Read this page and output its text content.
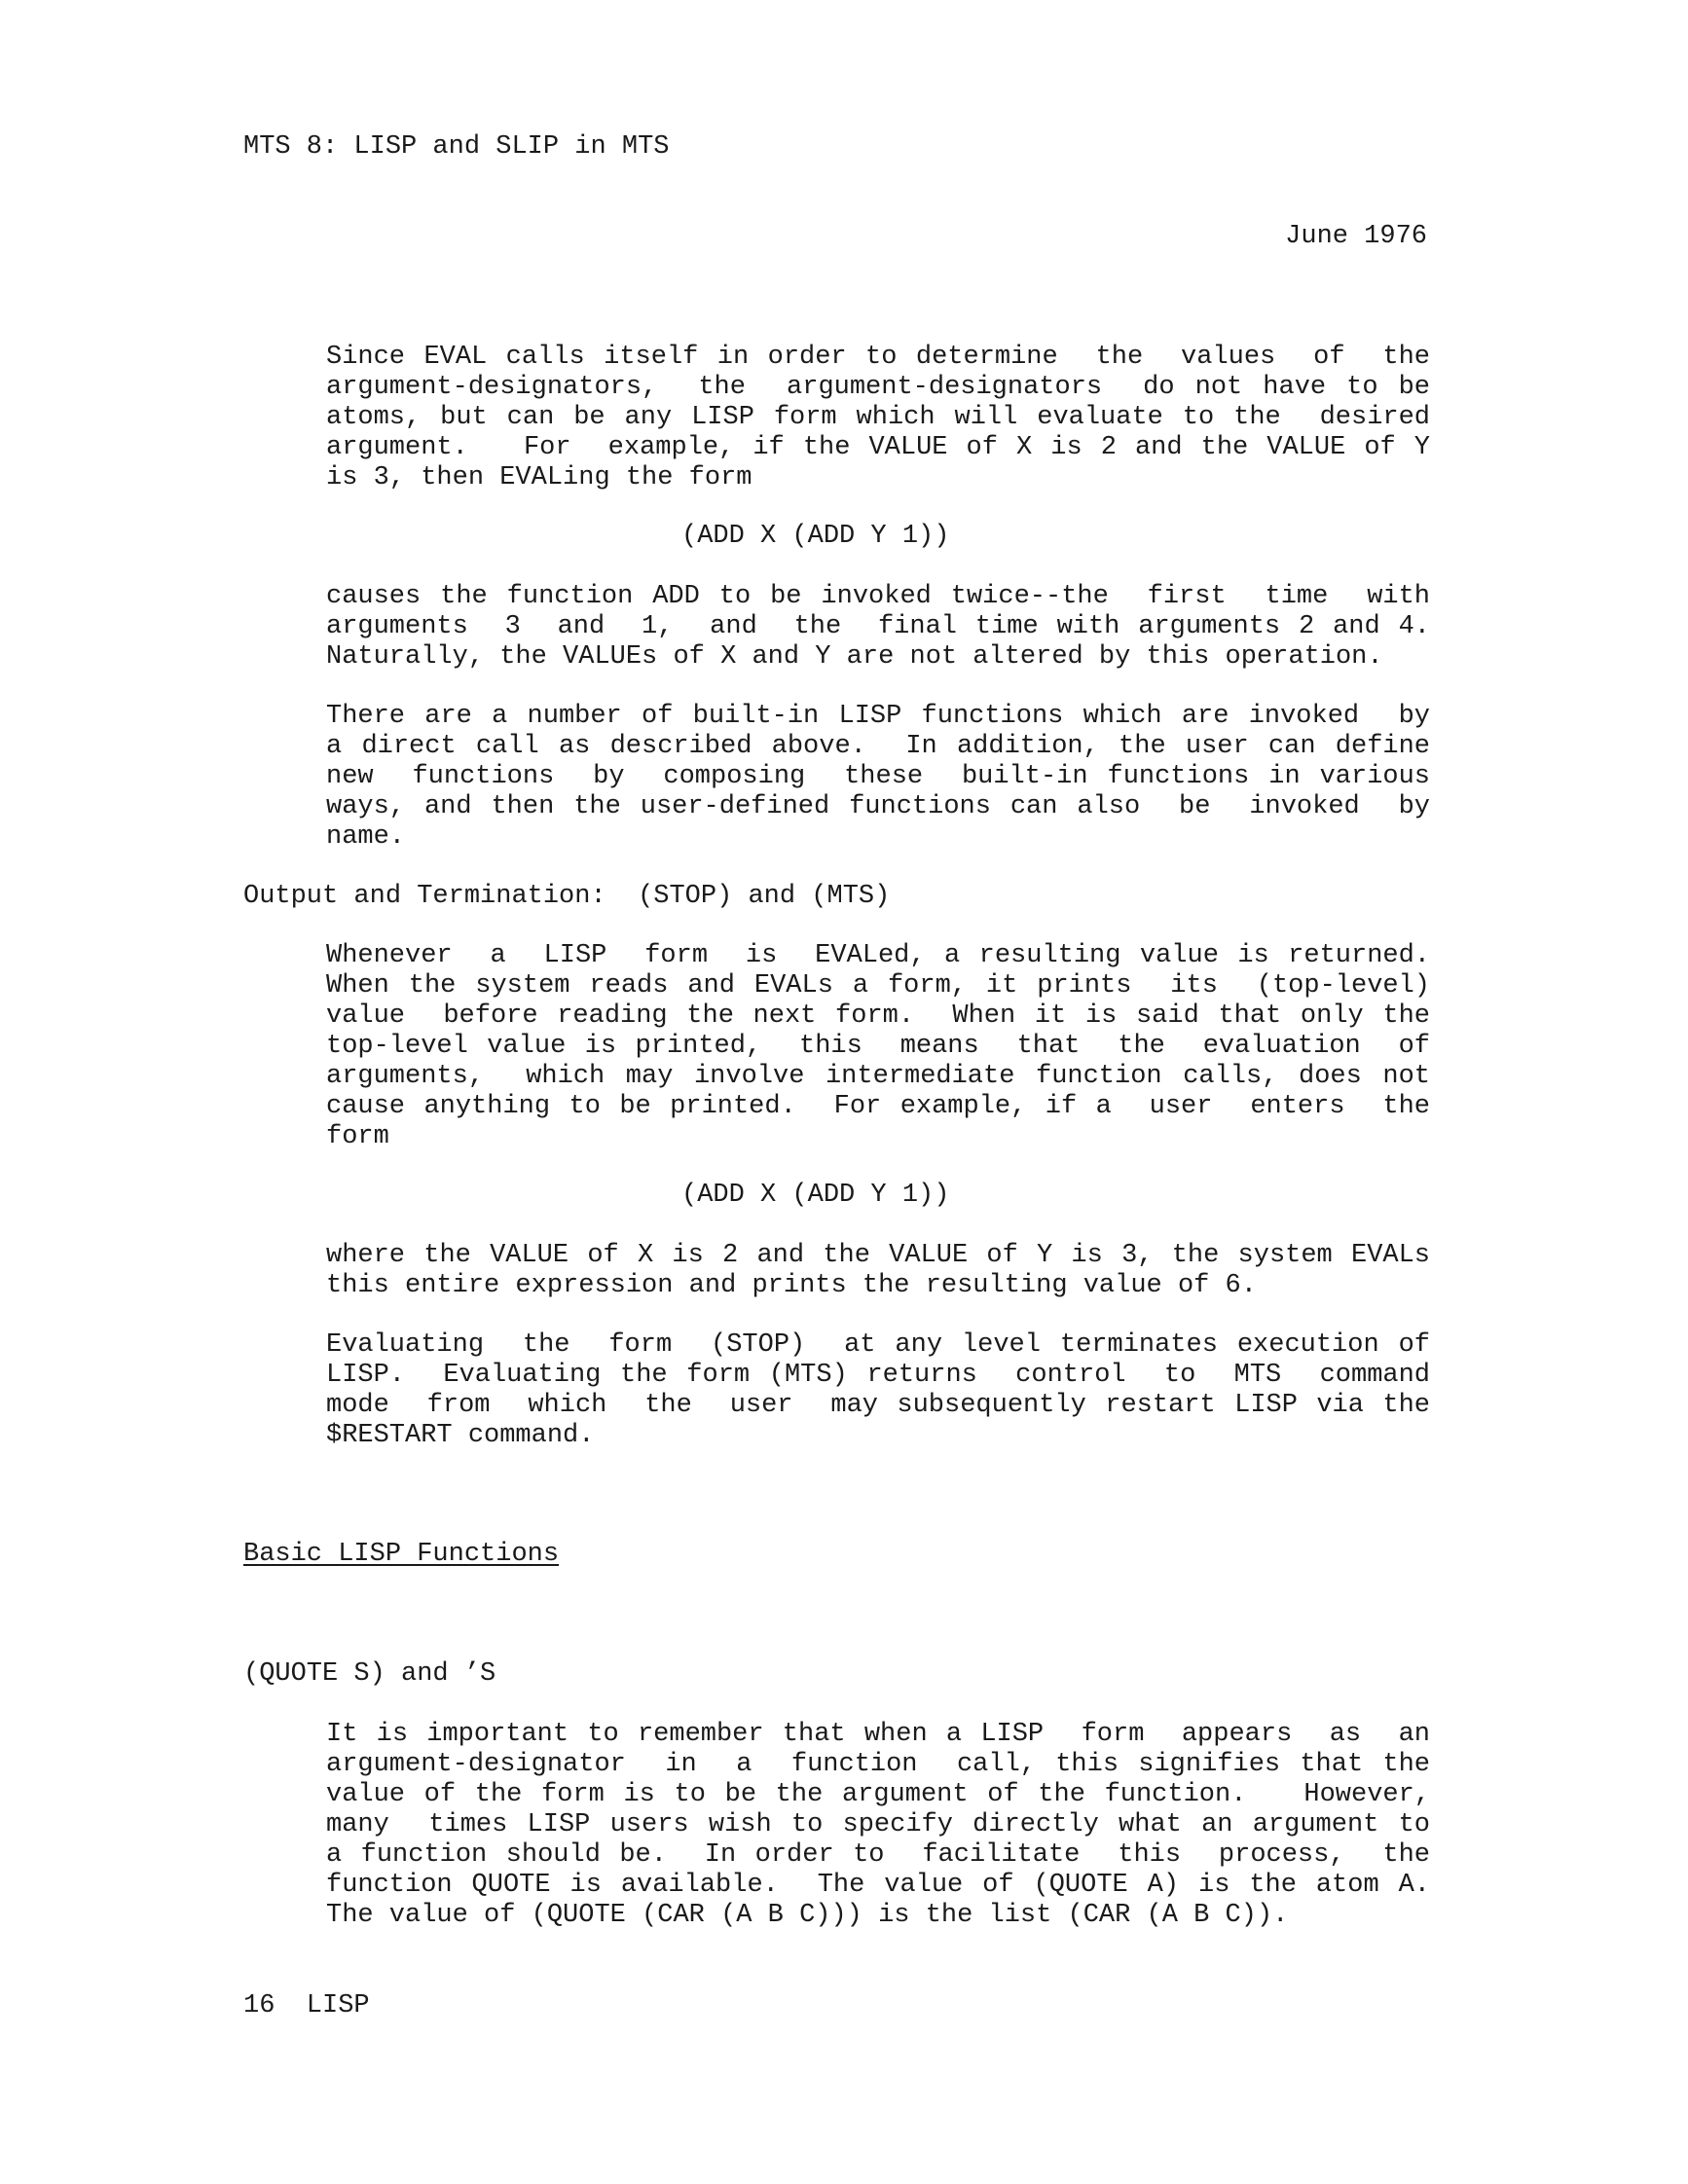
MTS 8: LISP and SLIP in MTS
June 1976
Since EVAL calls itself in order to determine  the  values  of  the
argument-designators,  the  argument-designators  do not have to be
atoms, but can be any LISP form which will evaluate to the  desired
argument.   For  example, if the VALUE of X is 2 and the VALUE of Y
is 3, then EVALing the form
(ADD X (ADD Y 1))
causes the function ADD to be invoked twice--the  first  time  with
arguments  3  and  1,  and  the  final time with arguments 2 and 4.
Naturally, the VALUEs of X and Y are not altered by this operation.
There are a number of built-in LISP functions which are invoked  by
a direct call as described above.  In addition, the user can define
new  functions  by  composing  these  built-in functions in various
ways, and then the user-defined functions can also  be  invoked  by
name.
Output and Termination:  (STOP) and (MTS)
Whenever  a  LISP  form  is  EVALed, a resulting value is returned.
When the system reads and EVALs a form, it prints  its  (top-level)
value  before reading the next form.  When it is said that only the
top-level value is printed,  this  means  that  the  evaluation  of
arguments,  which may involve intermediate function calls, does not
cause anything to be printed.  For example, if a  user  enters  the
form
(ADD X (ADD Y 1))
where the VALUE of X is 2 and the VALUE of Y is 3, the system EVALs
this entire expression and prints the resulting value of 6.
Evaluating  the  form  (STOP)  at any level terminates execution of
LISP.  Evaluating the form (MTS) returns  control  to  MTS  command
mode  from  which  the  user  may subsequently restart LISP via the
$RESTART command.
Basic LISP Functions
(QUOTE S) and ’S
It is important to remember that when a LISP  form  appears  as  an
argument-designator  in  a  function  call, this signifies that the
value of the form is to be the argument of the function.   However,
many  times LISP users wish to specify directly what an argument to
a function should be.  In order to  facilitate  this  process,  the
function QUOTE is available.  The value of (QUOTE A) is the atom A.
The value of (QUOTE (CAR (A B C))) is the list (CAR (A B C)).
16  LISP
